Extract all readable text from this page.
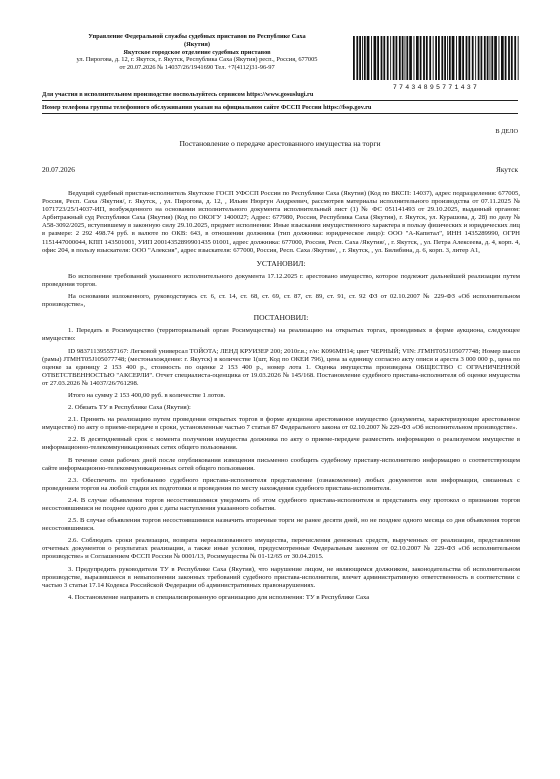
Управление Федеральной службы судебных приставов по Республике Саха
(Якутия)
Якутское городское отделение судебных приставов
ул. Пирогова, д. 12, г. Якутск, г. Якутск, Республика Саха (Якутия) респ., Россия, 677005
от 20.07.2026 № 14037/26/1941690 Тел. +7(4112)31-96-97
77434895771437
Для участия в исполнительном производстве воспользуйтесь сервисом https://www.gosuslugi.ru
Номер телефона группы телефонного обслуживания указан на официальном сайте ФССП России https://fssp.gov.ru
В ДЕЛО
Постановление о передаче арестованного имущества на торги
20.07.2026	Якутск

Ведущий судебный пристав-исполнитель Якутское ГОСП УФССП России по Республике Саха (Якутия) (Код по ВКСП: 14037), адрес подразделения: 677005, Россия, Респ. Саха /Якутия/, г. Якутск, , ул. Пирогова, д. 12, , Ильин Нюргун Андреевич, рассмотрев материалы исполнительного производства от 07.11.2025 № 1071723/25/14037-ИП, возбужденного на основании исполнительного документа исполнительный лист (1) № ФС 051141493 от 29.10.2025, выданный органом: Арбитражный суд Республики Саха (Якутия) (Код по ОКОГУ 1400027; Адрес: 677980, Россия, Республика Саха (Якутия), г. Якутск, ул. Курашова, д. 28) по делу № А58-3092/2025, вступившему в законную силу 29.10.2025, предмет исполнения: Иные взыскания имущественного характера в пользу физических и юридических лиц в размере: 2 292 498.74 руб. в валюте по ОКВ: 643, в отношении должника (тип должника: юридическое лицо): ООО "А-Капитал", ИНН 1435289990, ОГРН 1151447000044, КПП 143501001, УИП 20014352899901435 01001, адрес должника: 677000, Россия, Респ. Саха /Якутия/, , г. Якутск, , ул. Петра Алексеева, д. 4, корп. 4, офис 204, в пользу взыскателя: ООО "Алексия", адрес взыскателя: 677000, Россия, Респ. Саха /Якутия/, , г. Якутск, , ул. Билибина, д. 6, корп. 3, литер А1,

УСТАНОВИЛ:

Во исполнение требований указанного исполнительного документа 17.12.2025 г. арестовано имущество, которое подлежит дальнейшей реализации путем проведения торгов.

На основании изложенного, руководствуясь ст. 6, ст. 14, ст. 68, ст. 69, ст. 87, ст. 89, ст. 91, ст. 92 ФЗ от 02.10.2007 № 229-ФЗ «Об исполнительном производстве»,

ПОСТАНОВИЛ:

1. Передать в Росимущество (территориальный орган Росимущества) на реализацию на открытых торгах, проводимых в форме аукциона, следующее имущество:

ID 983711395557167: Легковой универсал ТОЙОТА; ЛЕНД КРУИЗЕР 200; 2010г.в.; г/н: К096МН14; цвет ЧЕРНЫЙ; VIN: JTMHT05J105077748; Номер шасси (рамы) JTMHT05J105077748; (местонахождение: г. Якутск) в количестве 1(шт, Код по ОКЕИ 796), цена за единицу согласно акту описи и ареста 3 000 000 р., цена по оценке за единицу 2 153 400 р., стоимость по оценке 2 153 400 р., номер лота 1. Оценка имущества произведена ОБЩЕСТВО С ОГРАНИЧЕННОЙ ОТВЕТСТВЕННОСТЬЮ "АКСЕРЛИ". Отчет специалиста-оценщика от 19.03.2026 № 145/168. Постановление судебного пристава-исполнителя об оценке имущества от 27.03.2026 № 14037/26/761298.

Итого на сумму 2 153 400,00 руб. в количестве 1 лотов.

2. Обязать ТУ в Республике Саха (Якутия):

2.1. Принять на реализацию путем проведения открытых торгов в форме аукциона арестованное имущество (документы, характеризующие арестованное имущество) по акту о приеме-передаче в сроки, установленные частью 7 статьи 87 Федерального закона от 02.10.2007 № 229-ФЗ «Об исполнительном производстве».

2.2. В десятидневный срок с момента получения имущества должника по акту о приеме-передаче разместить информацию о реализуемом имуществе в информационно-телекоммуникационных сетях общего пользования.

В течение семи рабочих дней после опубликования извещения письменно сообщить судебному приставу-исполнителю информацию о соответствующем сайте информационно-телекоммуникационных сетей общего пользования.

2.3. Обеспечить по требованию судебного пристава-исполнителя представление (ознакомление) любых документов или информации, связанных с проведением торгов на любой стадии их подготовки и проведения по месту нахождения судебного пристава-исполнителя.

2.4. В случае объявления торгов несостоявшимися уведомить об этом судебного пристава-исполнителя и представить ему протокол о признании торгов несостоявшимися не позднее одного дня с даты наступления указанного события.

2.5. В случае объявления торгов несостоявшимися назначить вторичные торги не ранее десяти дней, но не позднее одного месяца со дня объявления торгов несостоявшимися.

2.6. Соблюдать сроки реализации, возврата нереализованного имущества, перечисления денежных средств, вырученных от реализации, представления отчетных документов о результатах реализации, а также иные условия, предусмотренные Федеральным законом от 02.10.2007 № 229-ФЗ «Об исполнительном производстве» и Соглашением ФССП России № 0001/13, Росимущества № 01-12/65 от 30.04.2015.

3. Предупредить руководителя ТУ в Республике Саха (Якутия), что нарушение лицом, не являющимся должником, законодательства об исполнительном производстве, выразившееся в невыполнении законных требований судебного пристава-исполнителя, влечет административную ответственность в соответствии с частью 3 статьи 17.14 Кодекса Российской Федерации об административных правонарушениях.

4. Постановление направить в специализированную организацию для исполнения: ТУ в Республике Саха
